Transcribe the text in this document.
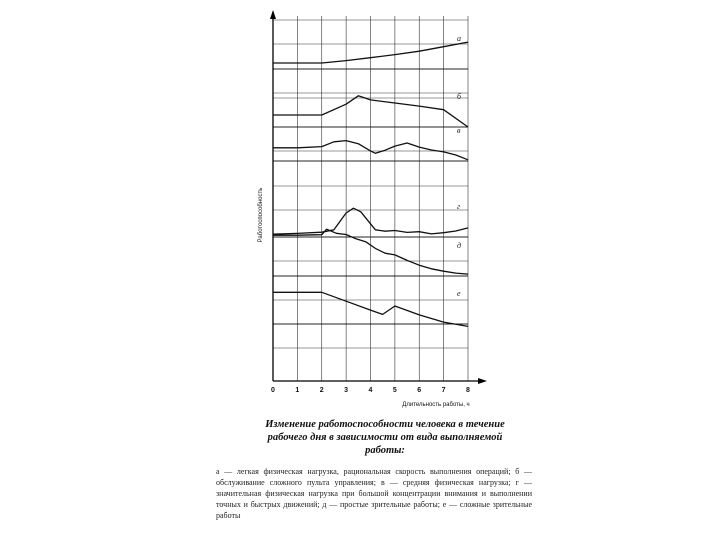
а
б
в
г
д
е
0	1	2	3	4	5	6	7	8
Работоспособность
Длительность работы, ч
Изменение работоспособности человека в течение рабочего дня в зависимости от вида выполняемой работы:
а — легкая физическая нагрузка, рациональная скорость выполнения операций; б — обслуживание сложного пульта управления; в — средняя физическая нагрузка; г — значительная физическая нагрузка при большой концентрации внимания и выполнении точных и быстрых движений; д — простые зрительные работы; е — сложные зрительные работы
